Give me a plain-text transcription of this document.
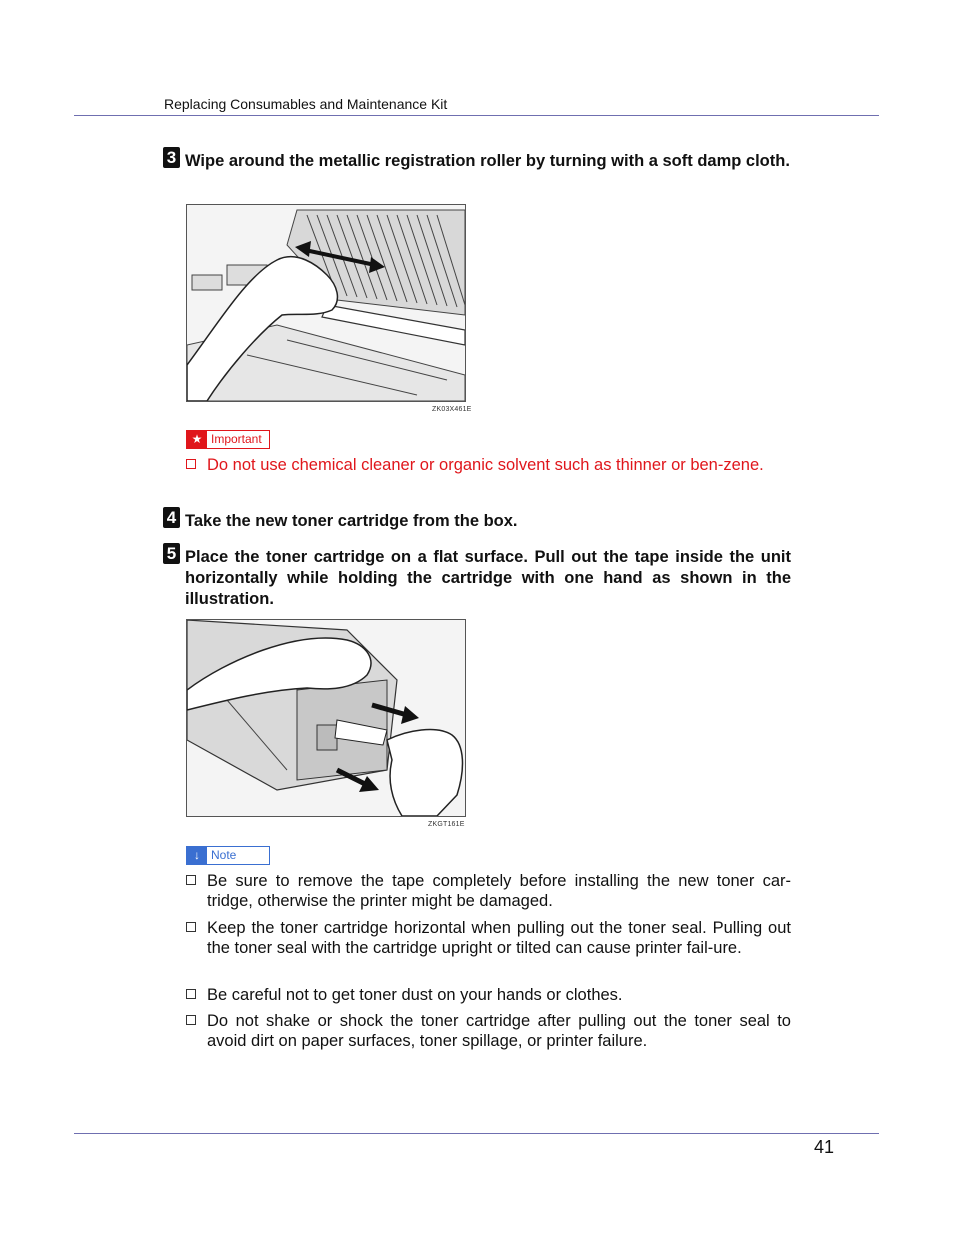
Replacing Consumables and Maintenance Kit
3 Wipe around the metallic registration roller by turning with a soft damp cloth.
ZK03X461E
★ Important
Do not use chemical cleaner or organic solvent such as thinner or ben-zene.
4 Take the new toner cartridge from the box.
5 Place the toner cartridge on a flat surface. Pull out the tape inside the unit horizontally while holding the cartridge with one hand as shown in the illustration.
ZKGT161E
↓ Note
Be sure to remove the tape completely before installing the new toner car-tridge, otherwise the printer might be damaged.
Keep the toner cartridge horizontal when pulling out the toner seal. Pulling out the toner seal with the cartridge upright or tilted can cause printer fail-ure.
Be careful not to get toner dust on your hands or clothes.
Do not shake or shock the toner cartridge after pulling out the toner seal to avoid dirt on paper surfaces, toner spillage, or printer failure.
41
